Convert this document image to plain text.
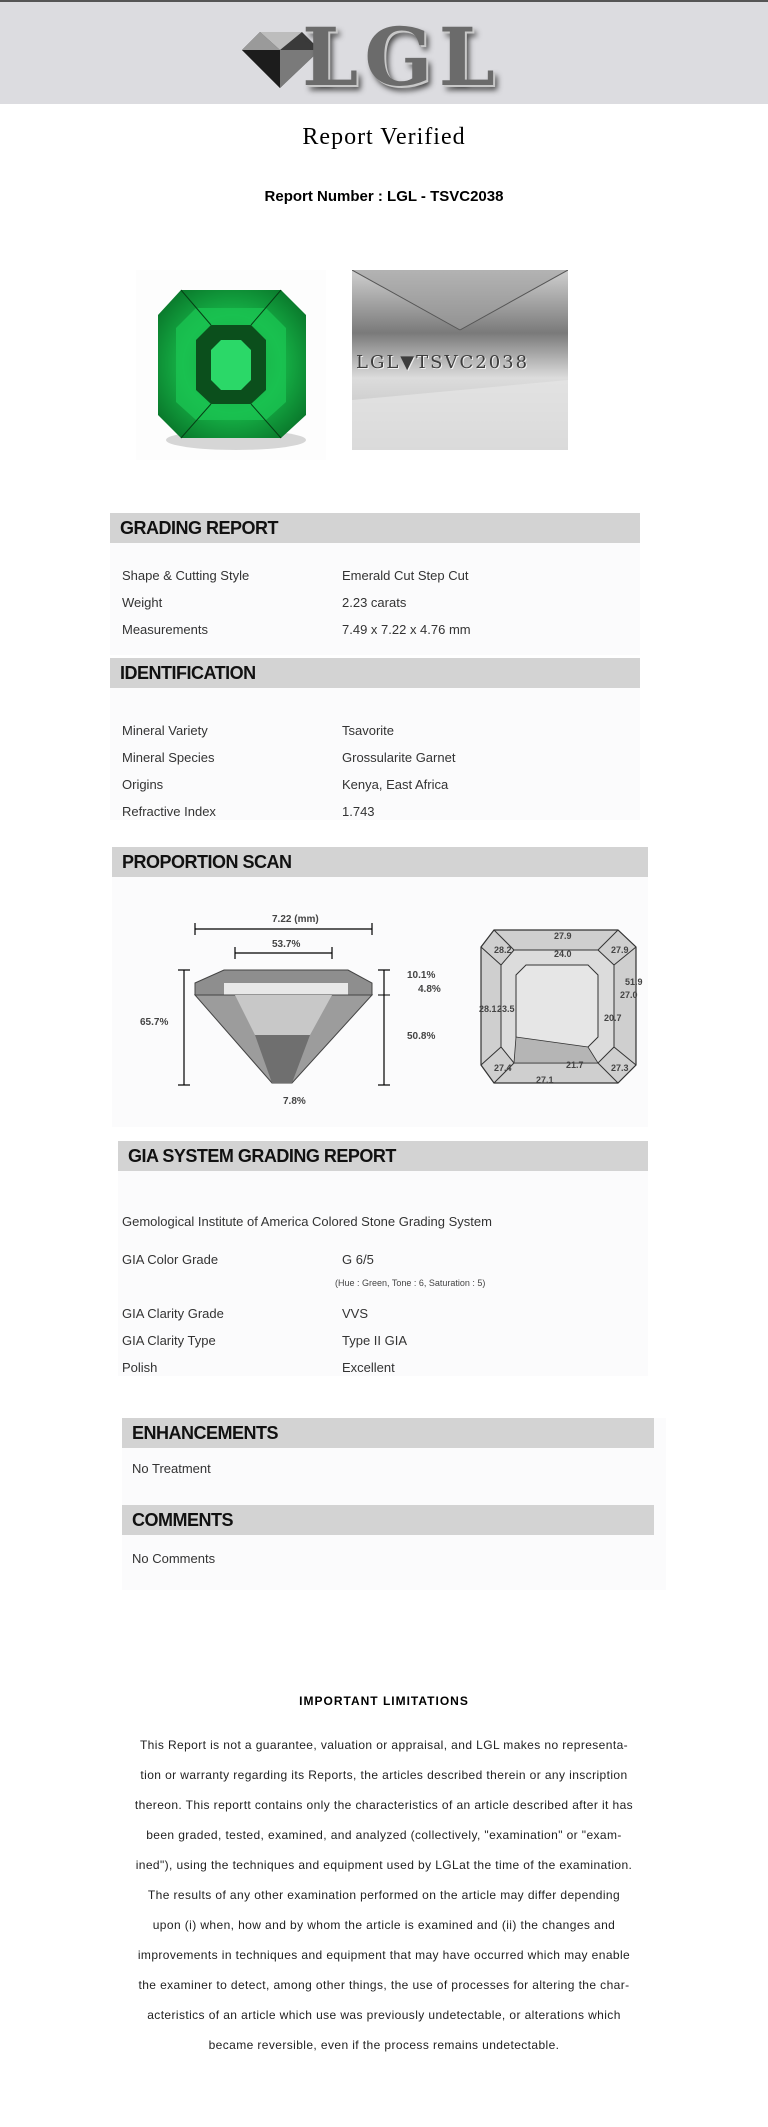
LGL
Report Verified
Report Number : LGL - TSVC2038
LGL▼TSVC2038
GRADING REPORT
Shape & Cutting Style	Emerald Cut Step Cut
Weight	2.23 carats
Measurements	7.49 x 7.22 x 4.76 mm
IDENTIFICATION
Mineral Variety	Tsavorite
Mineral Species	Grossularite Garnet
Origins	Kenya, East Africa
Refractive Index	1.743
PROPORTION SCAN
7.22 (mm)
53.7%
10.1%
4.8%
65.7%
50.8%
7.8%
27.9
28.2	27.9
24.0
51.9
27.0
28.1 23.5
20.7
21.7
27.4	27.3
27.1
GIA SYSTEM GRADING REPORT
Gemological Institute of America Colored Stone Grading System
GIA Color Grade	G 6/5
(Hue : Green, Tone : 6, Saturation : 5)
GIA Clarity Grade	VVS
GIA Clarity Type	Type II GIA
Polish	Excellent
ENHANCEMENTS
No Treatment
COMMENTS
No Comments
IMPORTANT LIMITATIONS
This Report is not a guarantee, valuation or appraisal, and LGL makes no representa-
tion or warranty regarding its Reports, the articles described therein or any inscription
thereon. This reportt contains only the characteristics of an article described after it has
been graded, tested, examined, and analyzed (collectively, "examination" or "exam-
ined"), using the techniques and equipment used by LGLat the time of the examination.
The results of any other examination performed on the article may differ depending
upon (i) when, how and by whom the article is examined and (ii) the changes and
improvements in techniques and equipment that may have occurred which may enable
the examiner to detect, among other things, the use of processes for altering the char-
acteristics of an article which use was previously undetectable, or alterations which
became reversible, even if the process remains undetectable.
